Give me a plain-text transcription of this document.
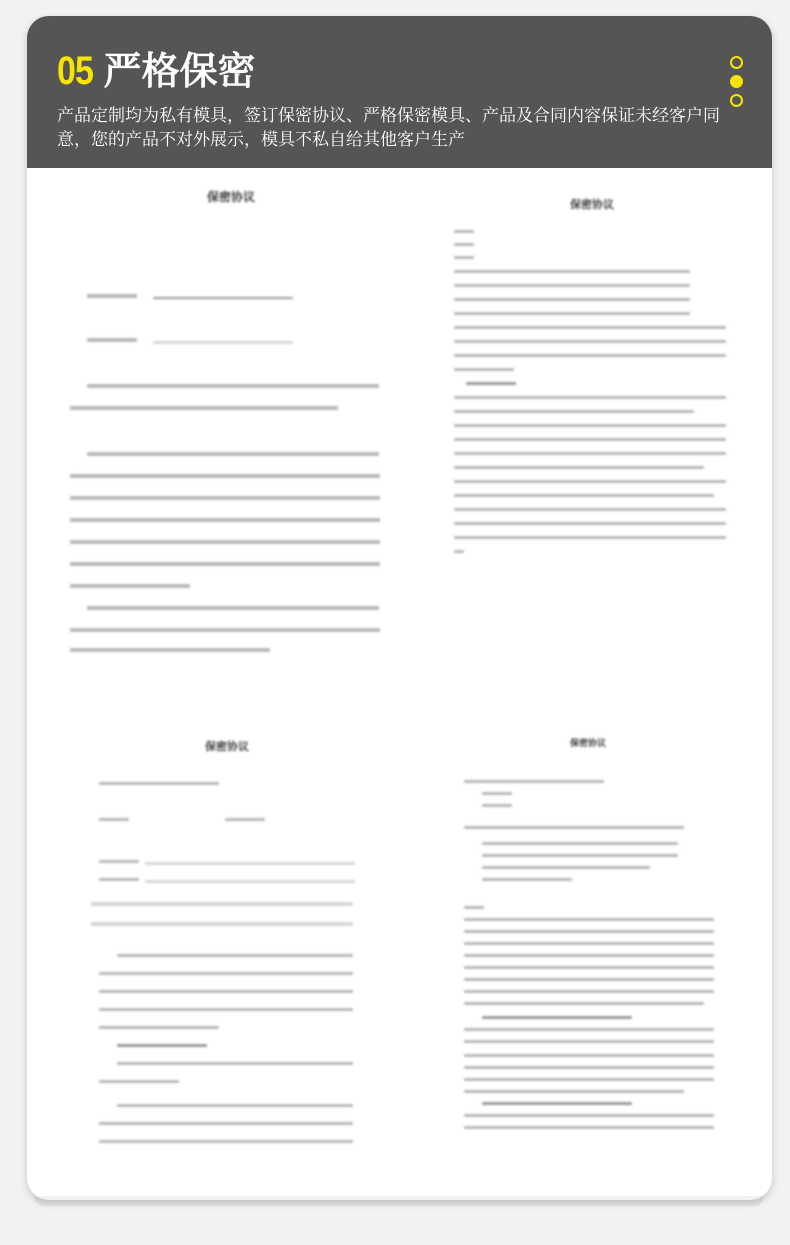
05 严格保密
产品定制均为私有模具，签订保密协议、严格保密模具、产品及合同内容保证未经客户同意，您的产品不对外展示，模具不私自给其他客户生产
保密协议
保密协议
保密协议	保密协议
